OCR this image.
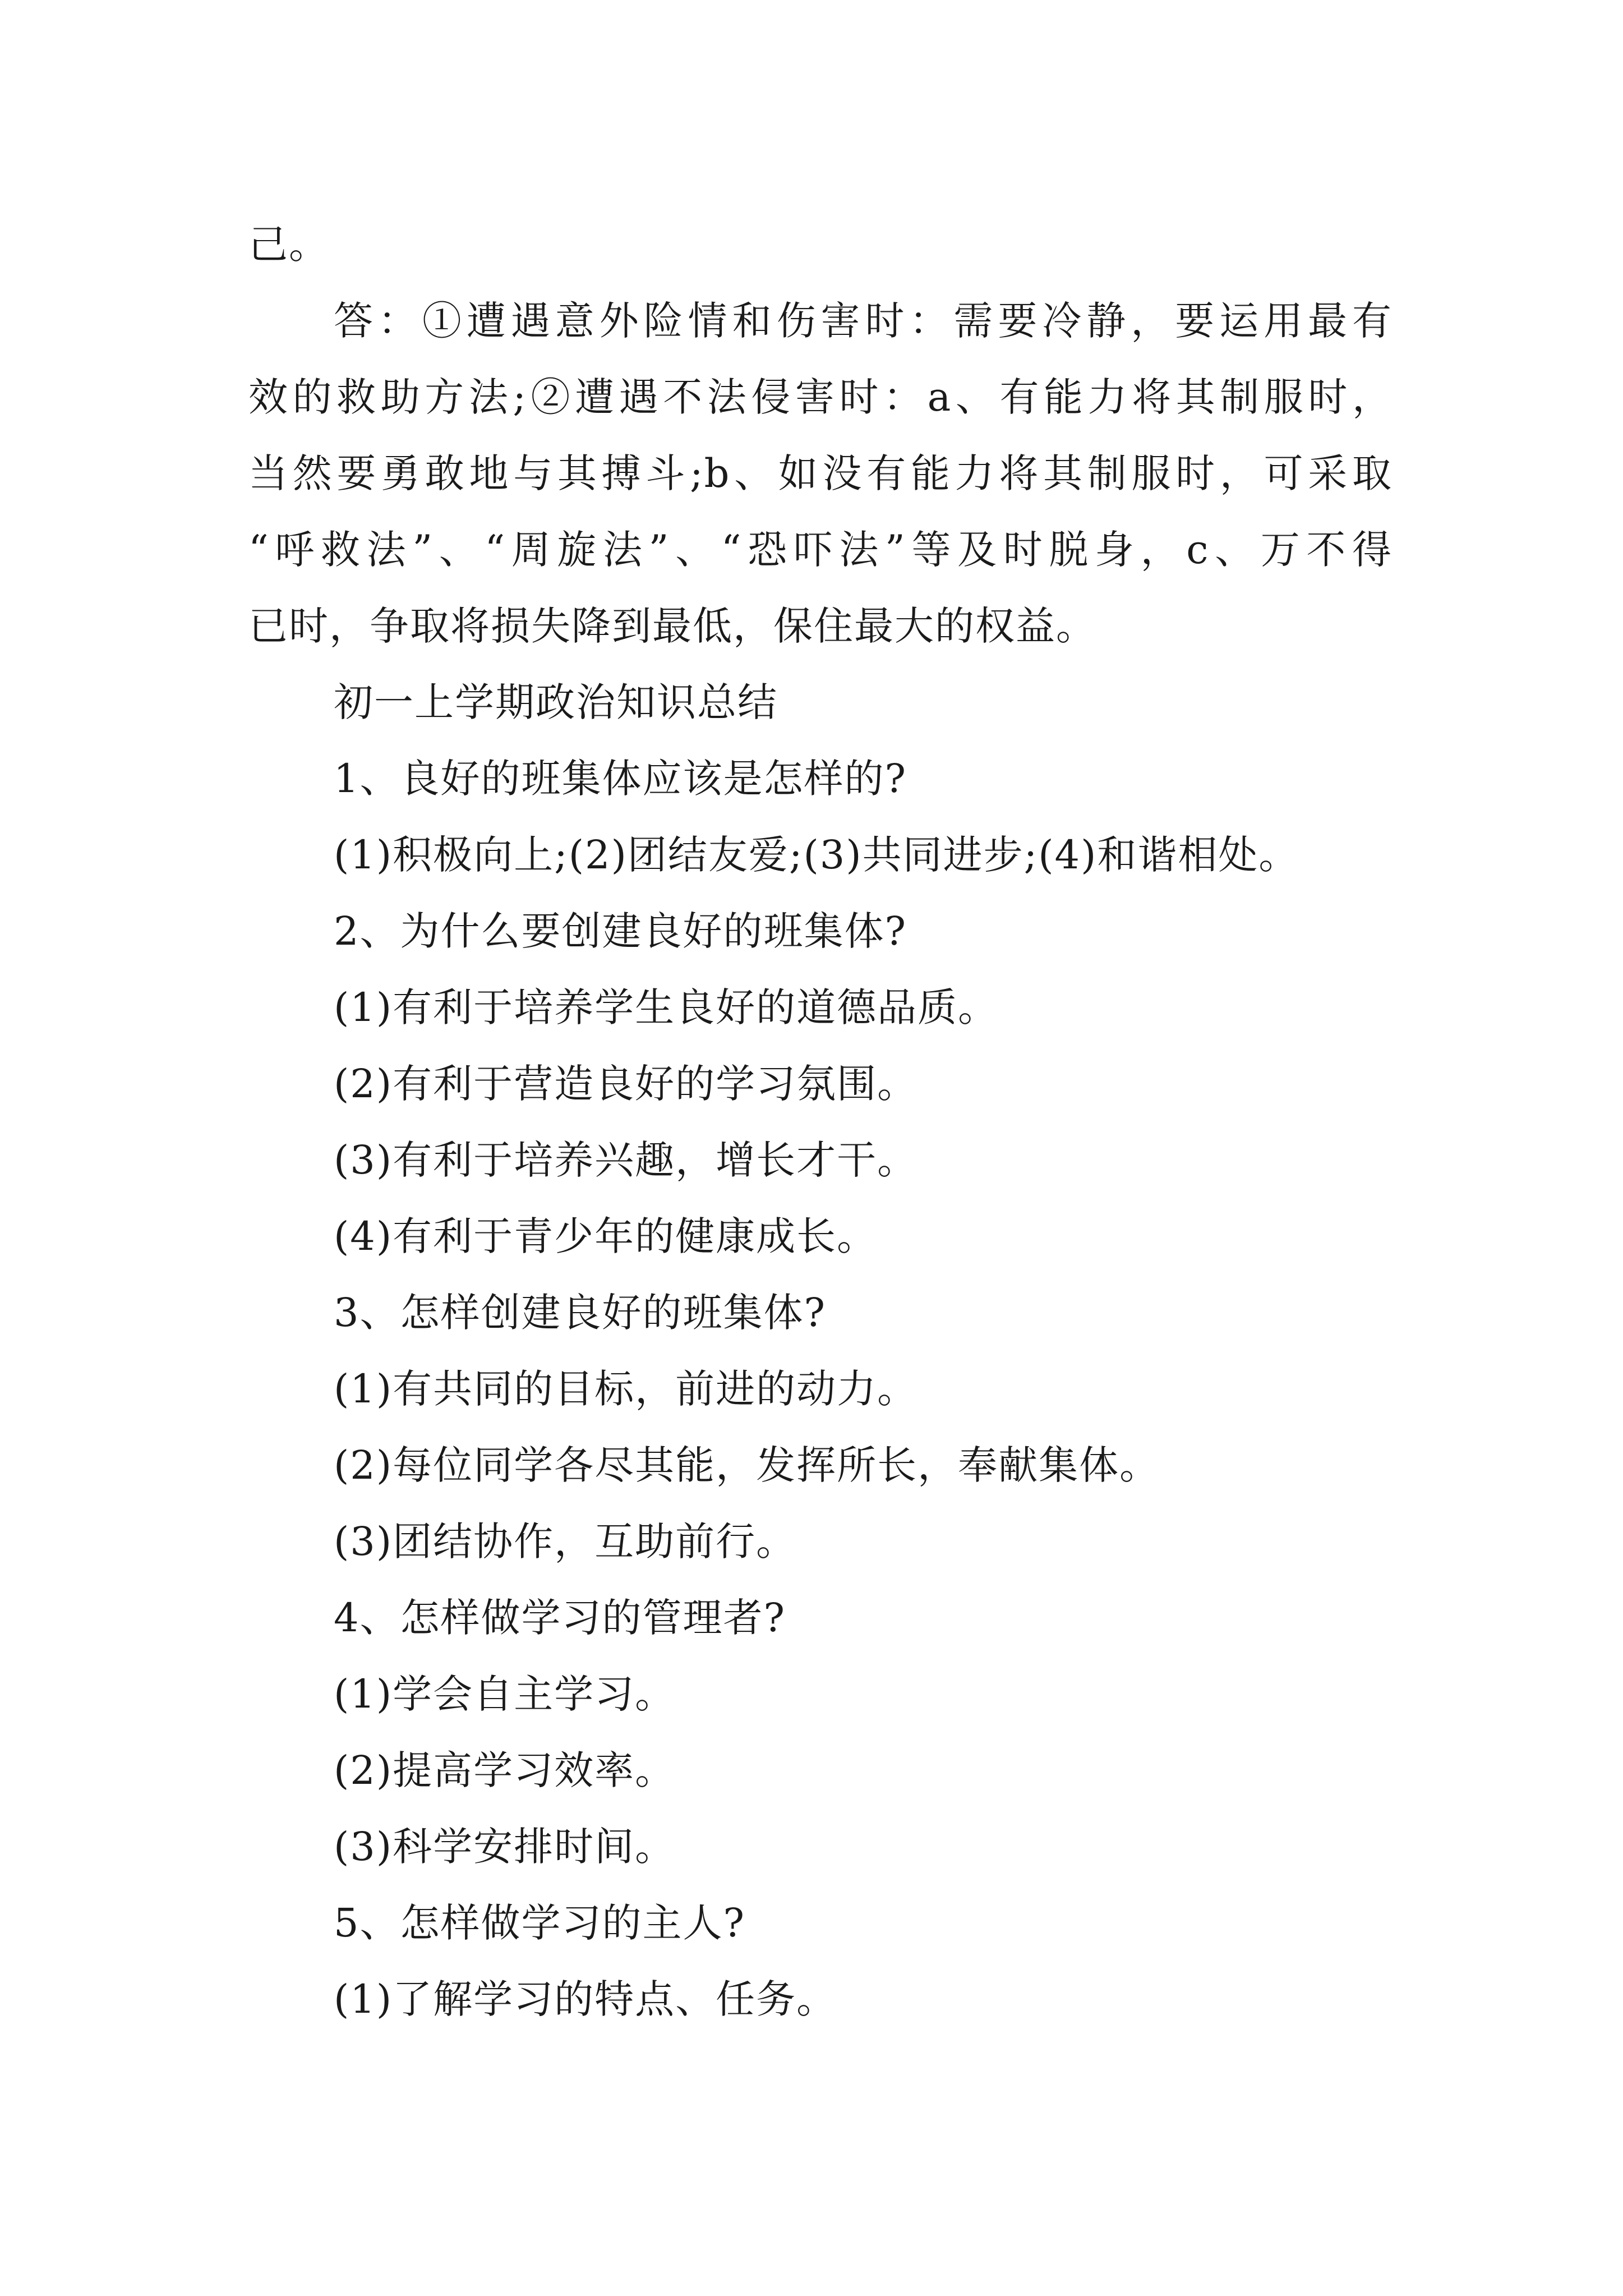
己。
答：①遭遇意外险情和伤害时：需要冷静，要运用最有
效的救助方法;②遭遇不法侵害时：a、有能力将其制服时，
当然要勇敢地与其搏斗;b、如没有能力将其制服时，可采取
“呼救法”、“周旋法”、“恐吓法”等及时脱身，c、万不得
已时，争取将损失降到最低，保住最大的权益。
初一上学期政治知识总结
1、良好的班集体应该是怎样的?
(1)积极向上;(2)团结友爱;(3)共同进步;(4)和谐相处。
2、为什么要创建良好的班集体?
(1)有利于培养学生良好的道德品质。
(2)有利于营造良好的学习氛围。
(3)有利于培养兴趣，增长才干。
(4)有利于青少年的健康成长。
3、怎样创建良好的班集体?
(1)有共同的目标，前进的动力。
(2)每位同学各尽其能，发挥所长，奉献集体。
(3)团结协作，互助前行。
4、怎样做学习的管理者?
(1)学会自主学习。
(2)提高学习效率。
(3)科学安排时间。
5、怎样做学习的主人?
(1)了解学习的特点、任务。
